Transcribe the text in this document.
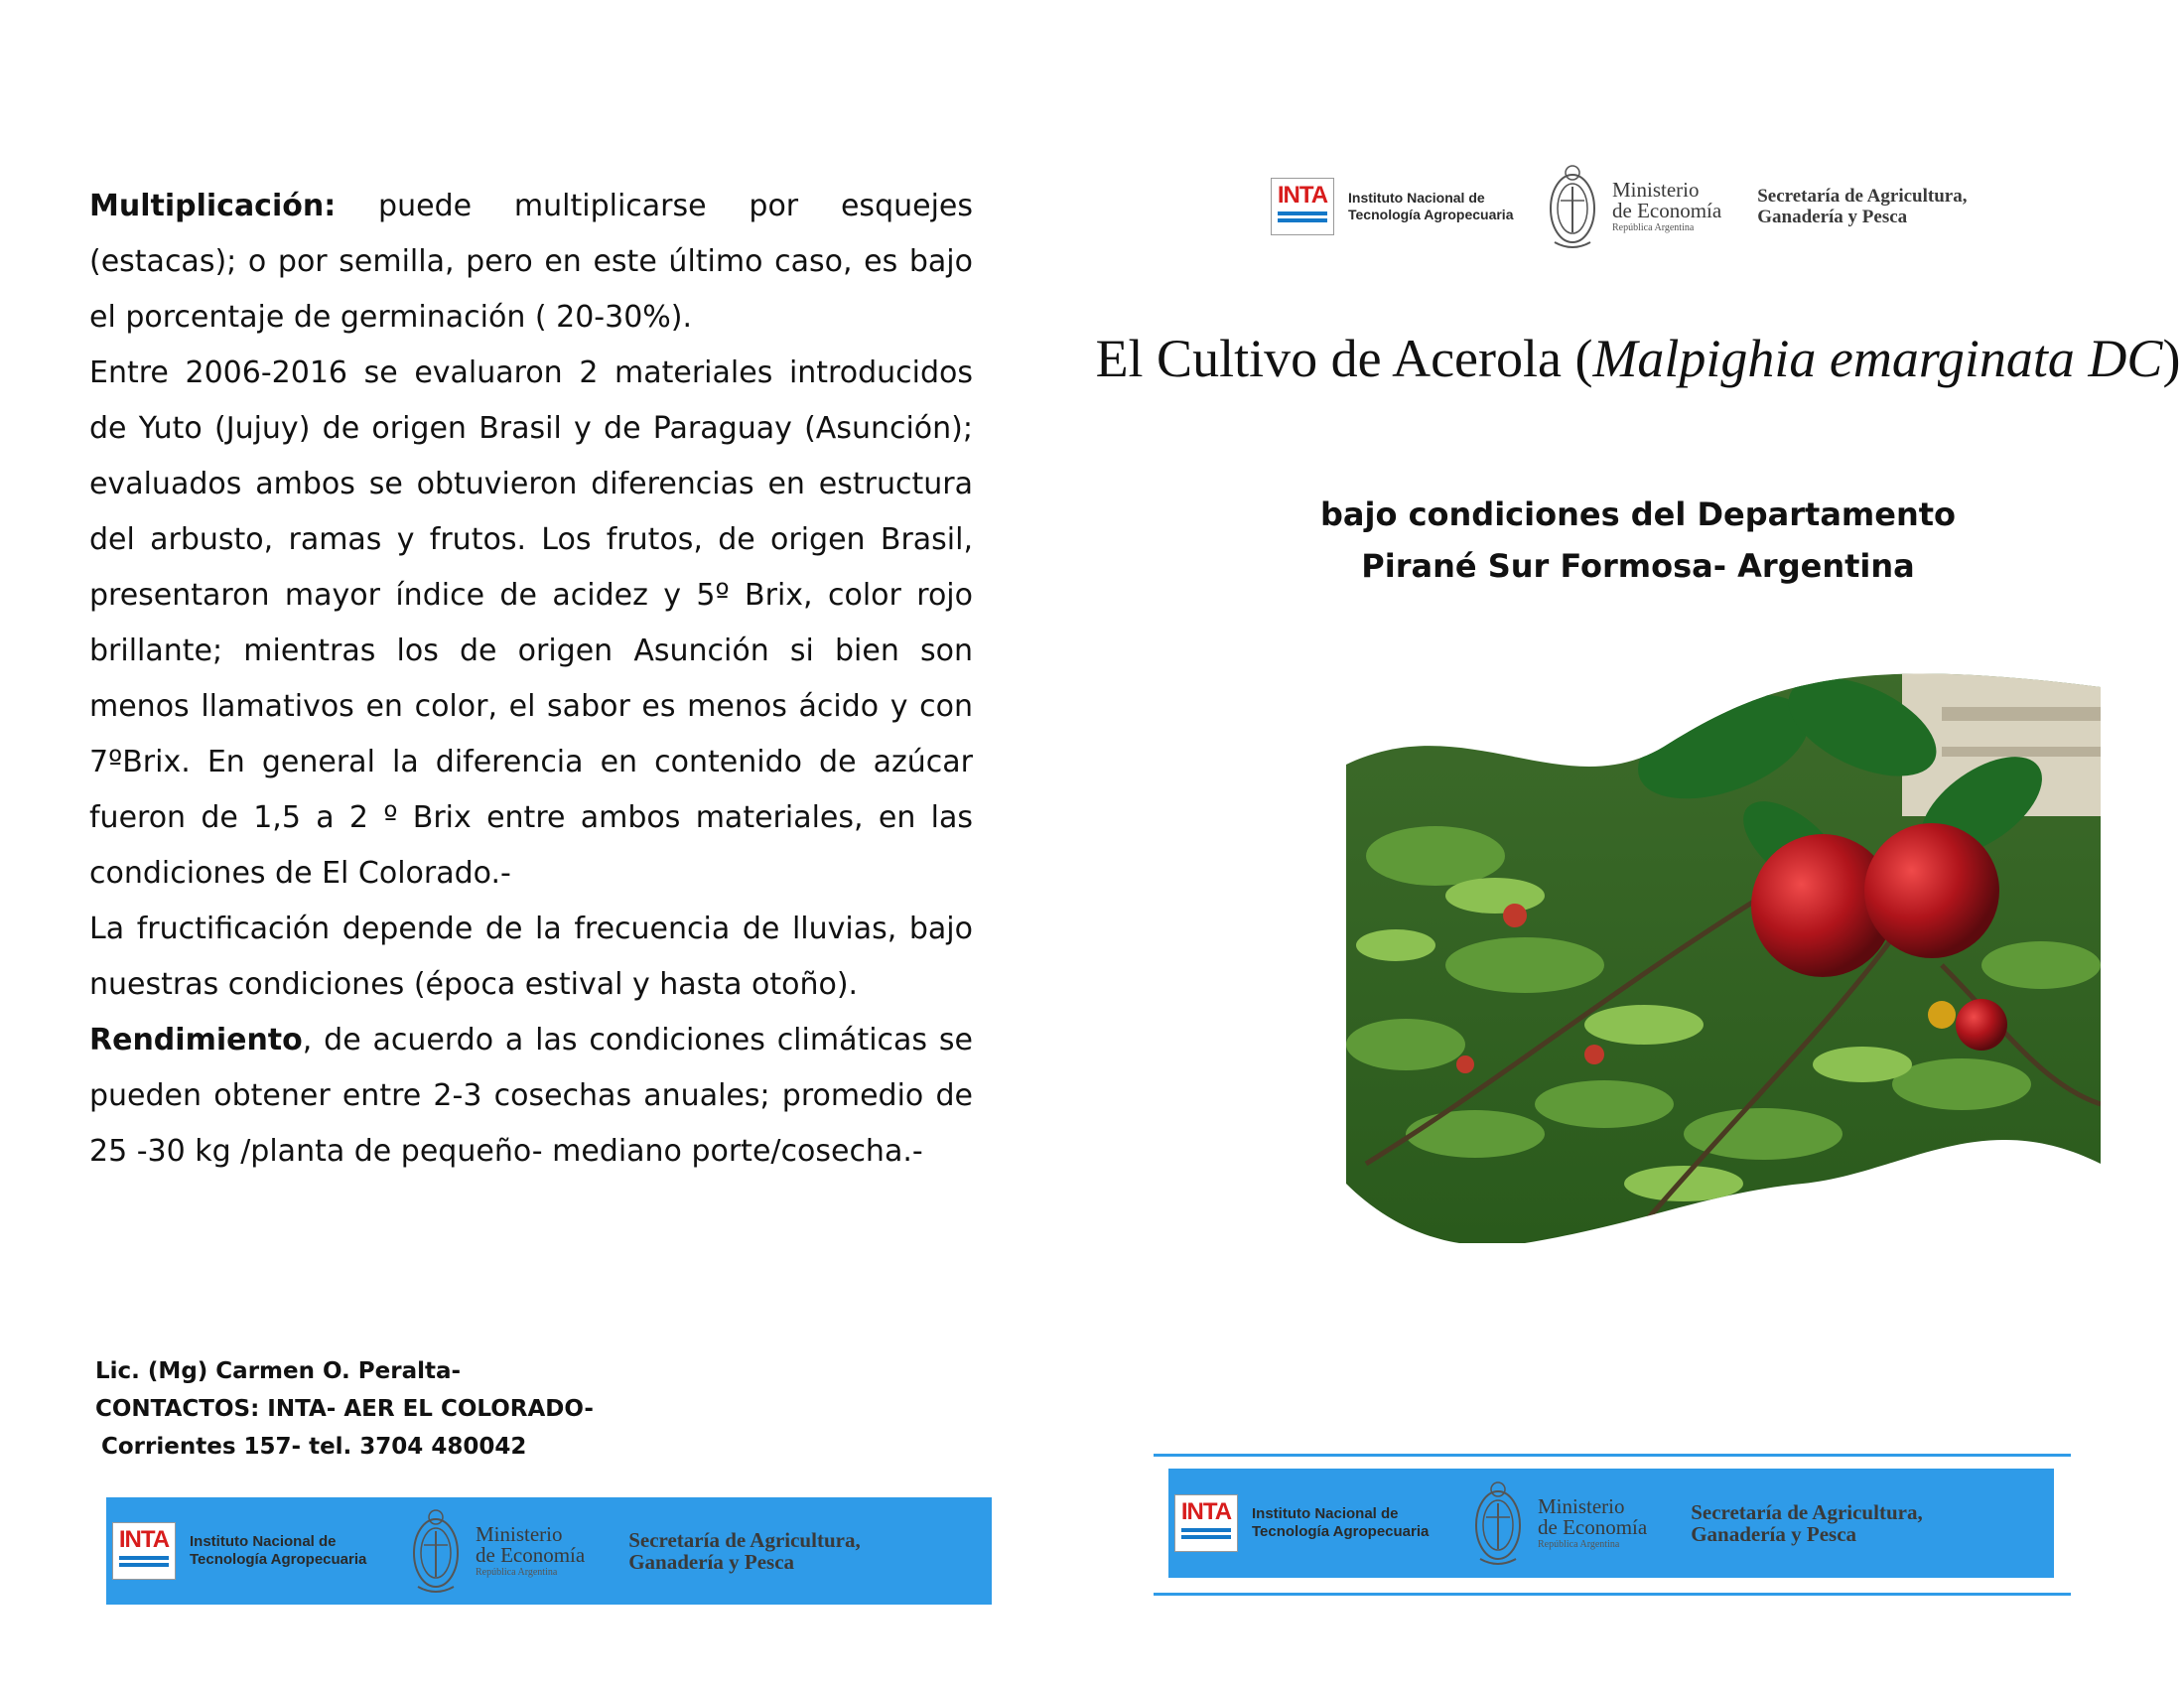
Multiplicación: puede multiplicarse por esquejes (estacas); o por semilla, pero en este último caso, es bajo el porcentaje de germinación ( 20-30%).

Entre 2006-2016 se evaluaron 2 materiales introducidos de Yuto (Jujuy) de origen Brasil y de Paraguay (Asunción); evaluados ambos se obtuvieron diferencias en estructura del arbusto, ramas y frutos. Los frutos, de origen Brasil, presentaron mayor índice de acidez y 5º Brix, color rojo brillante; mientras los de origen Asunción si bien son menos llamativos en color, el sabor es menos ácido y con 7ºBrix. En general la diferencia en contenido de azúcar fueron de 1,5 a 2 º Brix entre ambos materiales, en las condiciones de El Colorado.-

La fructificación depende de la frecuencia de lluvias, bajo nuestras condiciones (época estival y hasta otoño).

Rendimiento, de acuerdo a las condiciones climáticas se pueden obtener entre 2-3 cosechas anuales; promedio de 25 -30 kg /planta de pequeño- mediano porte/cosecha.-

Lic. (Mg) Carmen O. Peralta-
CONTACTOS: INTA- AER EL COLORADO-
Corrientes 157- tel. 3704 480042
INTA Instituto Nacional de Tecnología Agropecuaria
Ministerio
de Economía
República Argentina
Secretaría de Agricultura, Ganadería y Pesca
INTA Instituto Nacional de Tecnología Agropecuaria
Ministerio
de Economía
República Argentina
Secretaría de Agricultura, Ganadería y Pesca
El Cultivo de Acerola (Malpighia emarginata DC)
bajo condiciones del Departamento
Pirané Sur Formosa- Argentina
INTA Instituto Nacional de Tecnología Agropecuaria
Ministerio
de Economía
República Argentina
Secretaría de Agricultura, Ganadería y Pesca
